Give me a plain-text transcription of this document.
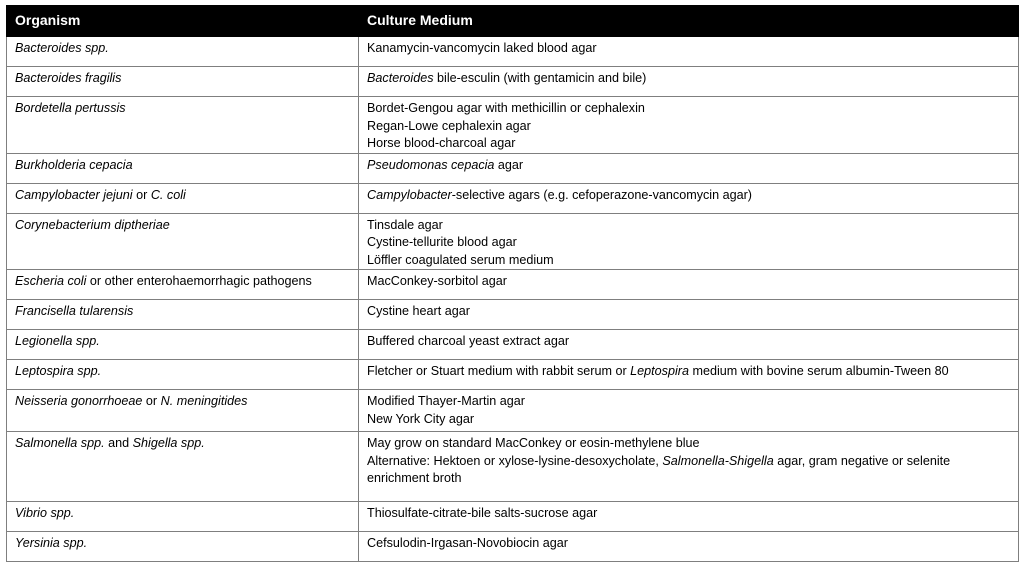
Organism	Culture Medium
Bacteroides spp.	Kanamycin-vancomycin laked blood agar

Bacteroides fragilis	Bacteroides bile-esculin (with gentamicin and bile)

Bordetella pertussis	Bordet-Gengou agar with methicillin or cephalexin
Regan-Lowe cephalexin agar
Horse blood-charcoal agar

Burkholderia cepacia	Pseudomonas cepacia agar

Campylobacter jejuni or C. coli	Campylobacter-selective agars (e.g. cefoperazone-vancomycin agar)

Corynebacterium diptheriae	Tinsdale agar
Cystine-tellurite blood agar
Löffler coagulated serum medium

Escheria coli or other enterohaemorrhagic pathogens	MacConkey-sorbitol agar

Francisella tularensis	Cystine heart agar

Legionella spp.	Buffered charcoal yeast extract agar

Leptospira spp.	Fletcher or Stuart medium with rabbit serum or Leptospira medium with bovine serum albumin-Tween 80

Neisseria gonorrhoeae or N. meningitides	Modified Thayer-Martin agar
New York City agar

Salmonella spp. and Shigella spp.	May grow on standard MacConkey or eosin-methylene blue
Alternative: Hektoen or xylose-lysine-desoxycholate, Salmonella-Shigella agar, gram negative or selenite enrichment broth

Vibrio spp.	Thiosulfate-citrate-bile salts-sucrose agar

Yersinia spp.	Cefsulodin-Irgasan-Novobiocin agar
